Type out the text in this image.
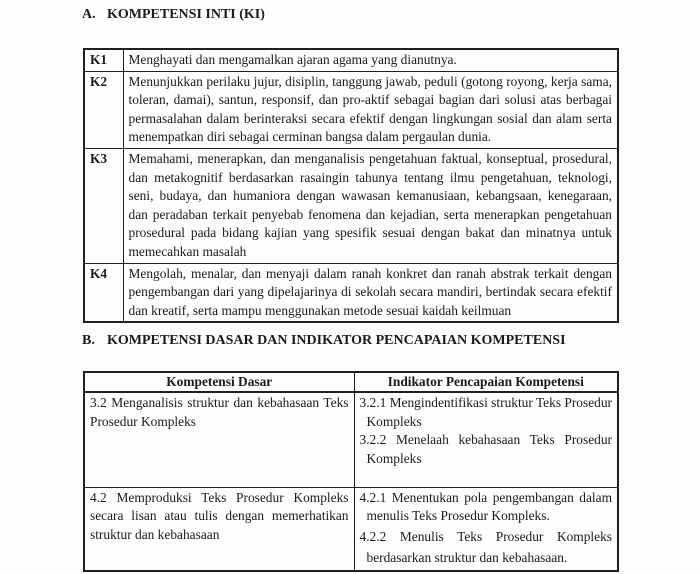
A. KOMPETENSI INTI (KI)
K1	Menghayati dan mengamalkan ajaran agama yang dianutnya.
K2	Menunjukkan perilaku jujur, disiplin, tanggung jawab, peduli (gotong royong, kerja sama, toleran, damai), santun, responsif, dan pro-aktif sebagai bagian dari solusi atas berbagai permasalahan dalam berinteraksi secara efektif dengan lingkungan sosial dan alam serta menempatkan diri sebagai cerminan bangsa dalam pergaulan dunia.
K3	Memahami, menerapkan, dan menganalisis pengetahuan faktual, konseptual, prosedural, dan metakognitif berdasarkan rasaingin tahunya tentang ilmu pengetahuan, teknologi, seni, budaya, dan humaniora dengan wawasan kemanusiaan, kebangsaan, kenegaraan, dan peradaban terkait penyebab fenomena dan kejadian, serta menerapkan pengetahuan prosedural pada bidang kajian yang spesifik sesuai dengan bakat dan minatnya untuk memecahkan masalah
K4	Mengolah, menalar, dan menyaji dalam ranah konkret dan ranah abstrak terkait dengan pengembangan dari yang dipelajarinya di sekolah secara mandiri, bertindak secara efektif dan kreatif, serta mampu menggunakan metode sesuai kaidah keilmuan
B. KOMPETENSI DASAR DAN INDIKATOR PENCAPAIAN KOMPETENSI
Kompetensi Dasar	Indikator Pencapaian Kompetensi
3.2 Menganalisis struktur dan kebahasaan Teks Prosedur Kompleks	3.2.1 Mengindentifikasi struktur Teks Prosedur Kompleks
3.2.2 Menelaah kebahasaan Teks Prosedur Kompleks

4.2 Memproduksi Teks Prosedur Kompleks secara lisan atau tulis dengan memerhatikan struktur dan kebahasaan	4.2.1 Menentukan pola pengembangan dalam menulis Teks Prosedur Kompleks.
4.2.2 Menulis Teks Prosedur Kompleks berdasarkan struktur dan kebahasaan.
